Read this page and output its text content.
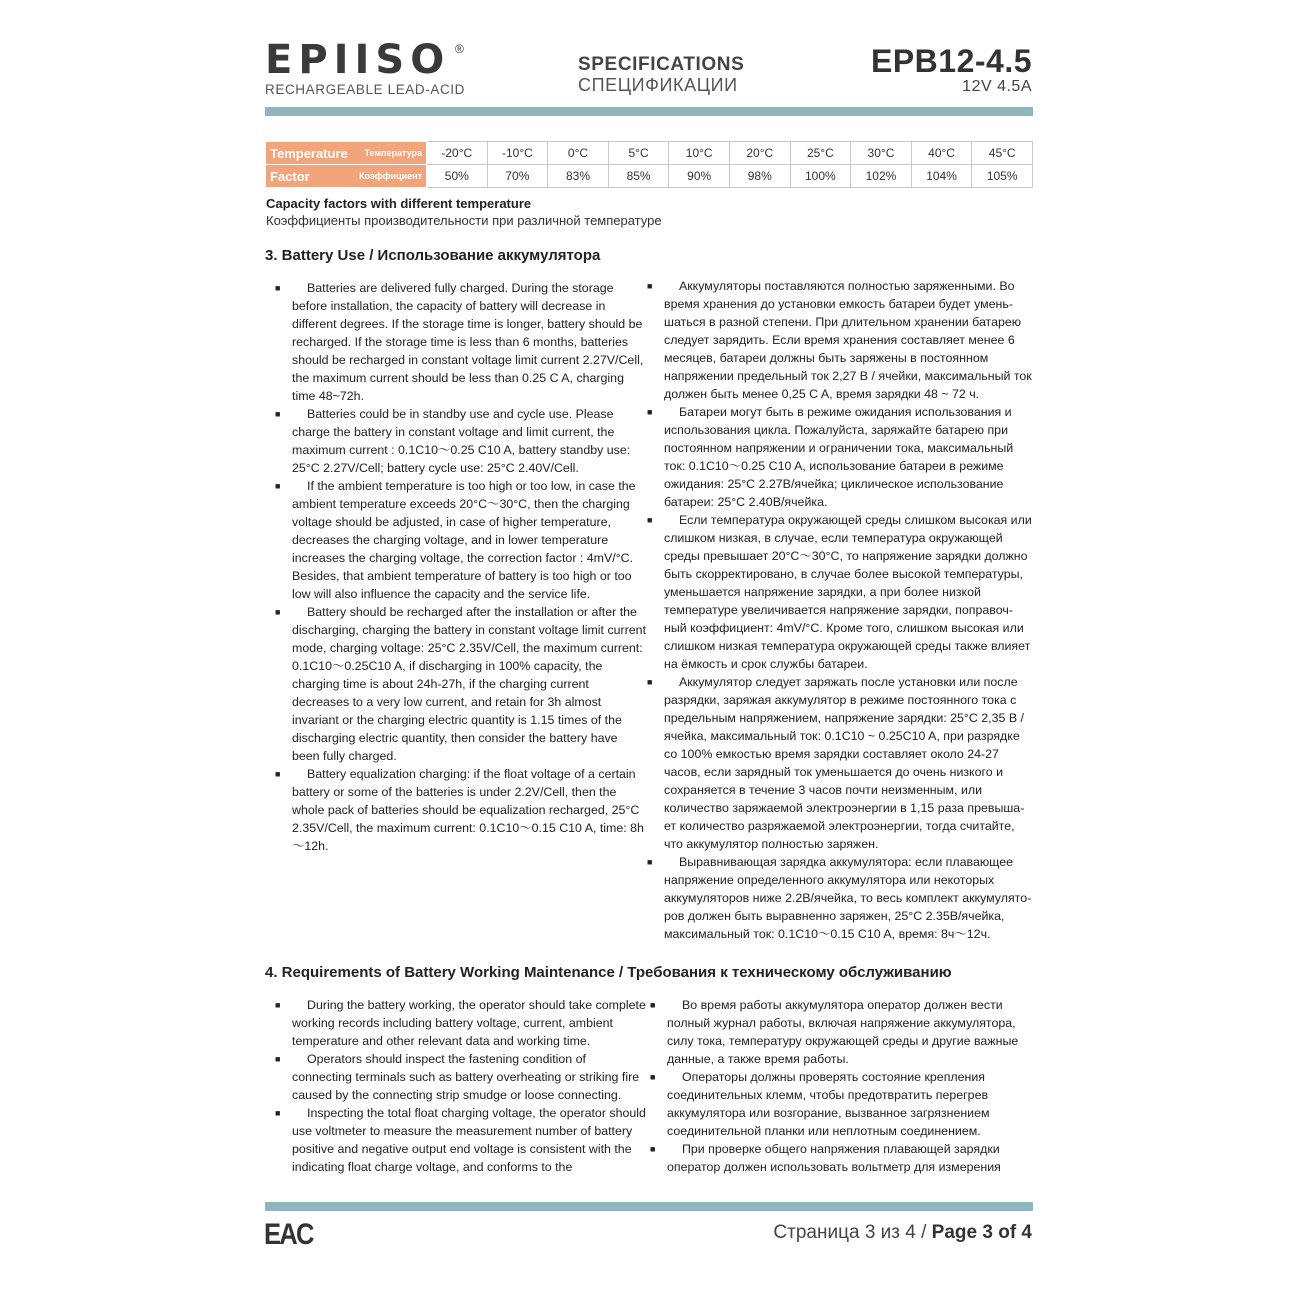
EPIISO ®
RECHARGEABLE LEAD-ACID
SPECIFICATIONS
СПЕЦИФИКАЦИИ
EPB12-4.5
12V 4.5A
Temperature Температура	-20°C	-10°C	0°C	5°C	10°C	20°C	25°C	30°C	40°C	45°C

Factor Коэффициент	50%	70%	83%	85%	90%	98%	100%	102%	104%	105%
Capacity factors with different temperature
Коэффициенты производительности при различной температуре
3. Battery Use / Использование аккумулятора

■	Batteries are delivered fully charged. During the storage before installation, the capacity of battery will decrease in different degrees. If the storage time is longer, battery should be recharged. If the storage time is less than 6 months, batteries should be recharged in constant voltage limit current 2.27V/Cell, the maximum current should be less than 0.25 C A, charging time 48~72h.

■	Batteries could be in standby use and cycle use. Please charge the battery in constant voltage and limit current, the maximum current : 0.1C10～0.25 C10 A, battery standby use: 25°C 2.27V/Cell; battery cycle use: 25°C 2.40V/Cell.

■	If the ambient temperature is too high or too low, in case the ambient temperature exceeds 20°C～30°C, then the charging voltage should be adjusted, in case of higher temperature, decreases the charging voltage, and in lower temperature increases the charging voltage, the correction factor : 4mV/°C. Besides, that ambient temperature of battery is too high or too low will also influence the capacity and the service life.

■	Battery should be recharged after the installation or after the discharging, charging the battery in constant voltage limit current mode, charging voltage: 25°C 2.35V/Cell, the maximum current: 0.1C10～0.25C10 A, if discharging in 100% capacity, the charging time is about 24h-27h, if the charging current decreases to a very low current, and retain for 3h almost invariant or the charging electric quantity is 1.15 times of the discharging electric quantity, then consider the battery have been fully charged.

■	Battery equalization charging: if the float voltage of a certain battery or some of the batteries is under 2.2V/Cell, then the whole pack of batteries should be equalization recharged, 25°C 2.35V/Cell, the maximum current: 0.1C10～0.15 C10 A, time: 8h～12h.

■	Аккумуляторы поставляются полностью заряженными. Во время хранения до установки емкость батареи будет умень-шаться в разной степени. При длительном хранении батарею следует зарядить. Если время хранения составляет менее 6 месяцев, батареи должны быть заряжены в постоянном напряжении предельный ток 2,27 В / ячейки, максимальный ток должен быть менее 0,25 C A, время зарядки 48 ~ 72 ч.

■	Батареи могут быть в режиме ожидания использования и использования цикла. Пожалуйста, заряжайте батарею при постоянном напряжении и ограничении тока, максимальный ток: 0.1C10～0.25 C10 A, использование батареи в режиме ожидания: 25°C 2.27В/ячейка; циклическое использование батареи: 25°C 2.40В/ячейка.

■	Если температура окружающей среды слишком высокая или слишком низкая, в случае, если температура окружающей среды превышает 20°C～30°C, то напряжение зарядки должно быть скорректировано, в случае более высокой температуры, уменьшается напряжение зарядки, а при более низкой температуре увеличивается напряжение зарядки, поправоч-ный коэффициент: 4mV/°C. Кроме того, слишком высокая или слишком низкая температура окружающей среды также влияет на ёмкость и срок службы батареи.

■	Аккумулятор следует заряжать после установки или после разрядки, заряжая аккумулятор в режиме постоянного тока с предельным напряжением, напряжение зарядки: 25°C 2,35 В / ячейка, максимальный ток: 0.1C10 ~ 0.25C10 A, при разрядке со 100% емкостью время зарядки составляет около 24-27 часов, если зарядный ток уменьшается до очень низкого и сохраняется в течение 3 часов почти неизменным, или количество заряжаемой электроэнергии в 1,15 раза превыша-ет количество разряжаемой электроэнергии, тогда считайте, что аккумулятор полностью заряжен.

■	Выравнивающая зарядка аккумулятора: если плавающее напряжение определенного аккумулятора или некоторых аккумуляторов ниже 2.2В/ячейка, то весь комплект аккумулято-ров должен быть выравненно заряжен, 25°C 2.35В/ячейка, максимальный ток: 0.1C10～0.15 C10 A, время: 8ч～12ч.

4. Requirements of Battery Working Maintenance / Требования к техническому обслуживанию

■	During the battery working, the operator should take complete working records including battery voltage, current, ambient temperature and other relevant data and working time.

■	Operators should inspect the fastening condition of connecting terminals such as battery overheating or striking fire caused by the connecting strip smudge or loose connecting.

■	Inspecting the total float charging voltage, the operator should use voltmeter to measure the measurement number of battery positive and negative output end voltage is consistent with the indicating float charge voltage, and conforms to the

■	Во время работы аккумулятора оператор должен вести полный журнал работы, включая напряжение аккумулятора, силу тока, температуру окружающей среды и другие важные данные, а также время работы.

■	Операторы должны проверять состояние крепления соединительных клемм, чтобы предотвратить перегрев аккумулятора или возгорание, вызванное загрязнением соединительной планки или неплотным соединением.

■	При проверке общего напряжения плавающей зарядки оператор должен использовать вольтметр для измерения

EAC	Страница 3 из 4 / Page 3 of 4
